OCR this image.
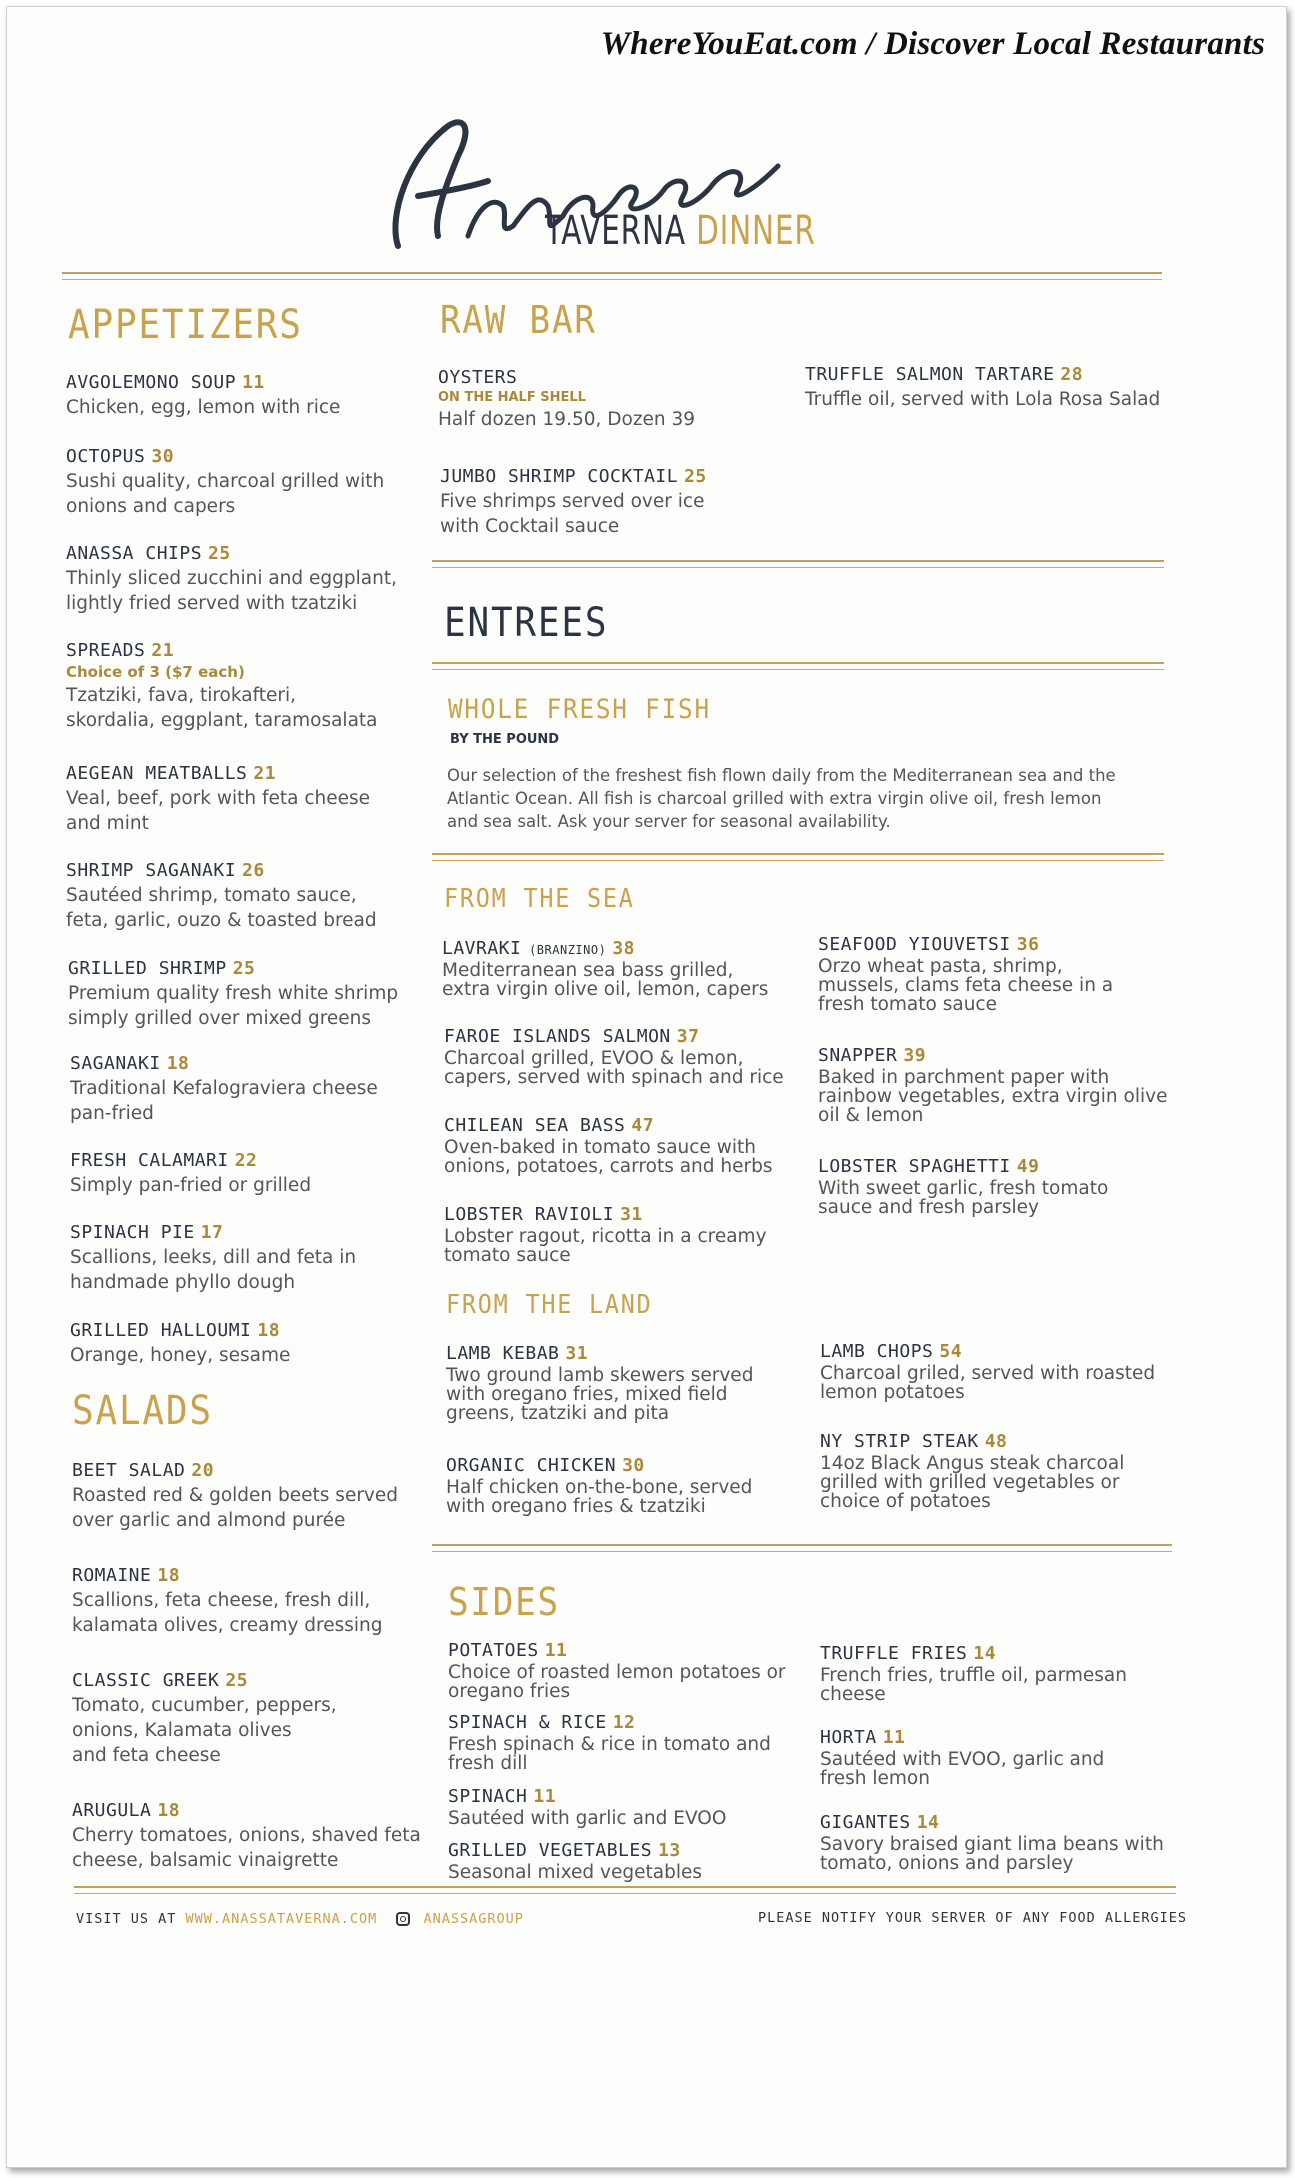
WhereYouEat.com / Discover Local Restaurants
TAVERNA DINNER
APPETIZERS
AVGOLEMONO SOUP 11
Chicken, egg, lemon with rice
OCTOPUS 30
Sushi quality, charcoal grilled with
onions and capers
ANASSA CHIPS 25
Thinly sliced zucchini and eggplant,
lightly fried served with tzatziki
SPREADS 21
Choice of 3 ($7 each)
Tzatziki, fava, tirokafteri,
skordalia, eggplant, taramosalata
AEGEAN MEATBALLS 21
Veal, beef, pork with feta cheese
and mint
SHRIMP SAGANAKI 26
Sautéed shrimp, tomato sauce,
feta, garlic, ouzo & toasted bread
GRILLED SHRIMP 25
Premium quality fresh white shrimp
simply grilled over mixed greens
SAGANAKI 18
Traditional Kefalograviera cheese
pan-fried
FRESH CALAMARI 22
Simply pan-fried or grilled
SPINACH PIE 17
Scallions, leeks, dill and feta in
handmade phyllo dough
GRILLED HALLOUMI 18
Orange, honey, sesame
SALADS
BEET SALAD 20
Roasted red & golden beets served
over garlic and almond purée
ROMAINE 18
Scallions, feta cheese, fresh dill,
kalamata olives, creamy dressing
CLASSIC GREEK 25
Tomato, cucumber, peppers,
onions, Kalamata olives
and feta cheese
ARUGULA 18
Cherry tomatoes, onions, shaved feta
cheese, balsamic vinaigrette
RAW BAR
OYSTERS
ON THE HALF SHELL
Half dozen 19.50, Dozen 39
JUMBO SHRIMP COCKTAIL 25
Five shrimps served over ice
with Cocktail sauce
TRUFFLE SALMON TARTARE 28
Truffle oil, served with Lola Rosa Salad
ENTREES
WHOLE FRESH FISH
BY THE POUND
Our selection of the freshest fish flown daily from the Mediterranean sea and the
Atlantic Ocean. All fish is charcoal grilled with extra virgin olive oil, fresh lemon
and sea salt. Ask your server for seasonal availability.
FROM THE SEA
LAVRAKI (BRANZINO) 38
Mediterranean sea bass grilled,
extra virgin olive oil, lemon, capers
FAROE ISLANDS SALMON 37
Charcoal grilled, EVOO & lemon,
capers, served with spinach and rice
CHILEAN SEA BASS 47
Oven-baked in tomato sauce with
onions, potatoes, carrots and herbs
LOBSTER RAVIOLI 31
Lobster ragout, ricotta in a creamy
tomato sauce
SEAFOOD YIOUVETSI 36
Orzo wheat pasta, shrimp,
mussels, clams feta cheese in a
fresh tomato sauce
SNAPPER 39
Baked in parchment paper with
rainbow vegetables, extra virgin olive
oil & lemon
LOBSTER SPAGHETTI 49
With sweet garlic, fresh tomato
sauce and fresh parsley
FROM THE LAND
LAMB KEBAB 31
Two ground lamb skewers served
with oregano fries, mixed field
greens, tzatziki and pita
ORGANIC CHICKEN 30
Half chicken on-the-bone, served
with oregano fries & tzatziki
LAMB CHOPS 54
Charcoal griled, served with roasted
lemon potatoes
NY STRIP STEAK 48
14oz Black Angus steak charcoal
grilled with grilled vegetables or
choice of potatoes
SIDES
POTATOES 11
Choice of roasted lemon potatoes or
oregano fries
SPINACH & RICE 12
Fresh spinach & rice in tomato and
fresh dill
SPINACH 11
Sautéed with garlic and EVOO
GRILLED VEGETABLES 13
Seasonal mixed vegetables
TRUFFLE FRIES 14
French fries, truffle oil, parmesan
cheese
HORTA 11
Sautéed with EVOO, garlic and
fresh lemon
GIGANTES 14
Savory braised giant lima beans with
tomato, onions and parsley
VISIT US AT WWW.ANASSATAVERNA.COM	ANASSAGROUP	PLEASE NOTIFY YOUR SERVER OF ANY FOOD ALLERGIES
